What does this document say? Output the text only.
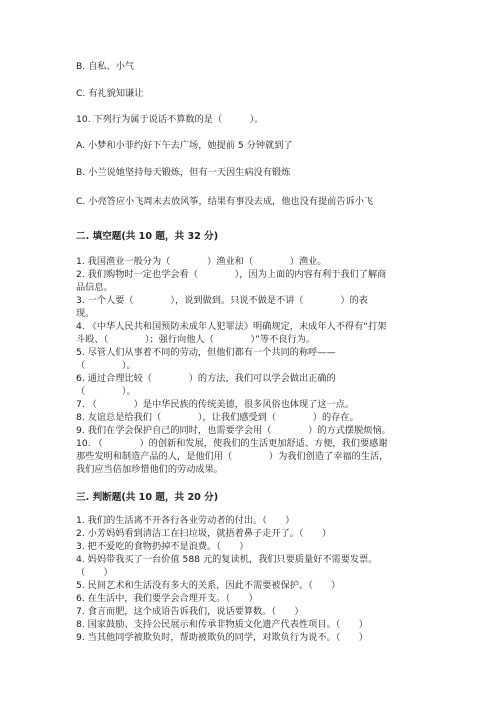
B. 自私、小气
C. 有礼貌知谦让
10. 下列行为属于说话不算数的是（　　　）。
A. 小梦和小菲约好下午去广场，她提前 5 分钟就到了
B. 小兰说她坚持每天锻炼，但有一天因生病没有锻炼
C. 小亮答应小飞周末去放风筝，结果有事没去成，他也没有提前告诉小飞
二. 填空题(共 10 题，共 32 分)
1. 我国渔业一般分为（　　　　）渔业和（　　　　）渔业。
2. 我们购物时一定也学会看（　　　　），因为上面的内容有利于我们了解商
品信息。
3. 一个人要（　　　　），说到做到。只说不做是不讲（　　　　）的表
现。
4. 《中华人民共和国预防未成年人犯罪法》明确规定，未成年人不得有“打架
斗殴、（　　　　）；强行向他人（　　　　）”等不良行为。
5. 尽管人们从事着不同的劳动，但他们都有一个共同的称呼——
（　　　　）。
6. 通过合理比较（　　　　）的方法，我们可以学会做出正确的
（　　　　）。
7. （　　　　）是中华民族的传统美德，很多风俗也体现了这一点。
8. 友谊总是给我们（　　　　），让我们感受到（　　　　）的存在。
9. 我们在学会保护自己的同时，也需要学会用（　　　　）的方式摆脱烦恼。
10. （　　　　）的创新和发展，使我们的生活更加舒适、方便，我们要感谢
那些发明和制造产品的人，是他们用（　　　　）为我们创造了幸福的生活，
我们应当倍加珍惜他们的劳动成果。
三. 判断题(共 10 题，共 20 分)
1. 我们的生活离不开各行各业劳动者的付出。（　　）
2. 小芳妈妈看到清洁工在扫垃圾，就捂着鼻子走开了。（　　）
3. 把不爱吃的食物扔掉不是浪费。（　　）
4. 妈妈带我买了一台价值 588 元的复读机，我们只要质量好不需要发票。
（　　）
5. 民间艺术和生活没有多大的关系，因此不需要被保护。（　　）
6. 在生活中，我们要学会合理开支。（　　）
7. 食言而肥，这个成语告诉我们，说话要算数。（　　）
8. 国家鼓励、支持公民展示和传承非物质文化遗产代表性项目。（　　）
9. 当其他同学被欺负时，帮助被欺负的同学，对欺负行为说不。（　　）
